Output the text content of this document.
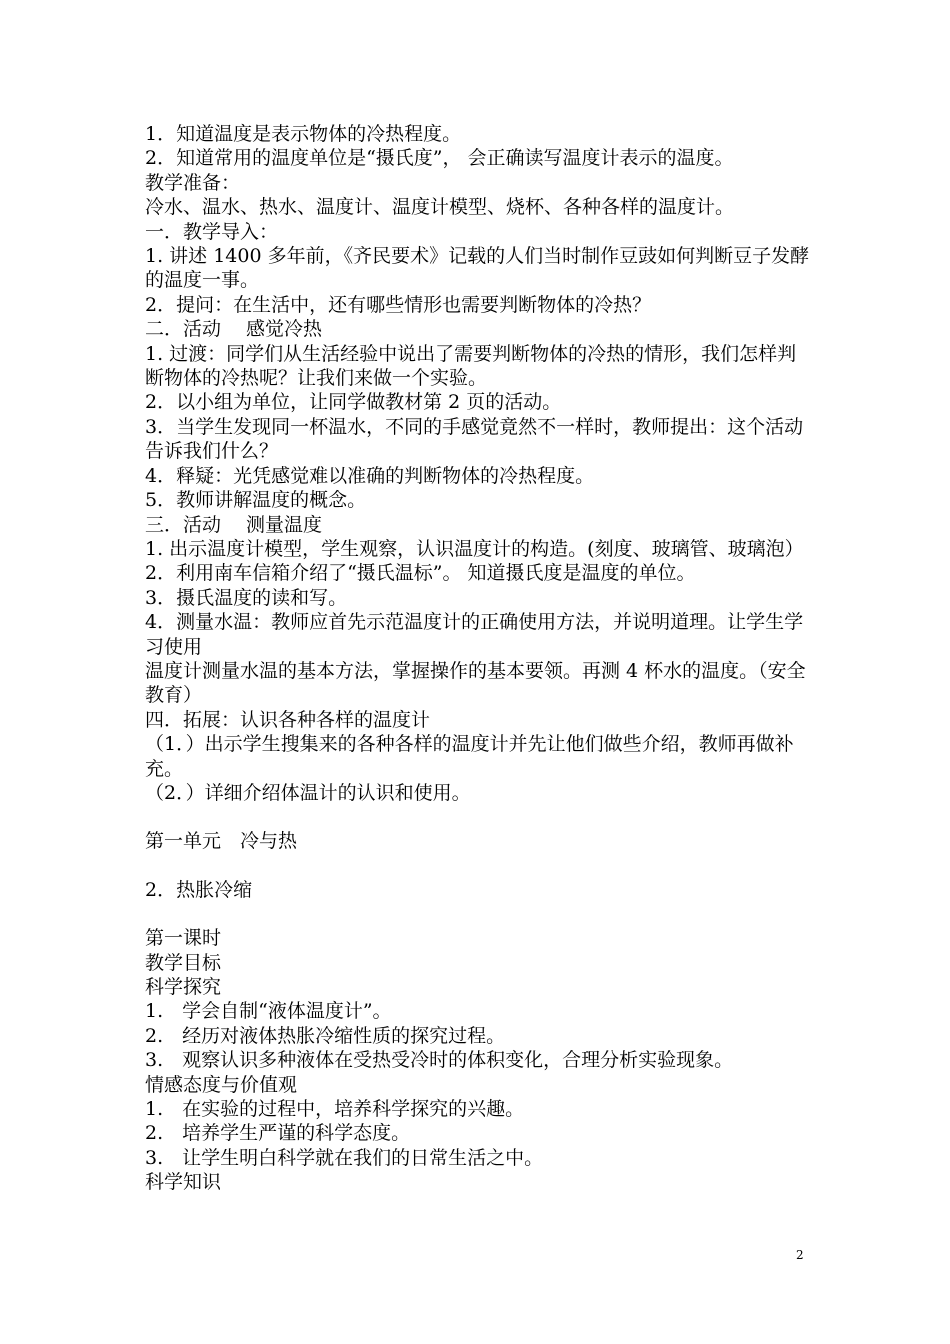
1．知道温度是表示物体的冷热程度。

2．知道常用的温度单位是“摄氏度”， 会正确读写温度计表示的温度。

教学准备：

冷水、温水、热水、温度计、温度计模型、烧杯、各种各样的温度计。

一．教学导入：

1. 讲述 1400 多年前，《齐民要术》记载的人们当时制作豆豉如何判断豆子发酵的温度一事。

2．提问：在生活中，还有哪些情形也需要判断物体的冷热？

二．活动　 感觉冷热

1. 过渡：同学们从生活经验中说出了需要判断物体的冷热的情形，我们怎样判断物体的冷热呢？让我们来做一个实验。

2．以小组为单位，让同学做教材第 2 页的活动。

3．当学生发现同一杯温水，不同的手感觉竟然不一样时，教师提出：这个活动告诉我们什么？

4．释疑：光凭感觉难以准确的判断物体的冷热程度。

5．教师讲解温度的概念。

三．活动　 测量温度

1. 出示温度计模型，学生观察，认识温度计的构造。(刻度、玻璃管、玻璃泡）

2．利用南车信箱介绍了“摄氏温标”。 知道摄氏度是温度的单位。

3．摄氏温度的读和写。

4．测量水温：教师应首先示范温度计的正确使用方法，并说明道理。让学生学习使用

温度计测量水温的基本方法，掌握操作的基本要领。再测 4 杯水的温度。（安全教育）

四．拓展：认识各种各样的温度计

（1．）出示学生搜集来的各种各样的温度计并先让他们做些介绍，教师再做补充。

（2．）详细介绍体温计的认识和使用。

第一单元　冷与热

2．热胀冷缩

第一课时

教学目标

科学探究

1.　学会自制“液体温度计”。

2.　经历对液体热胀冷缩性质的探究过程。

3.　观察认识多种液体在受热受冷时的体积变化，合理分析实验现象。

情感态度与价值观

1.　在实验的过程中，培养科学探究的兴趣。

2.　培养学生严谨的科学态度。

3.　让学生明白科学就在我们的日常生活之中。

科学知识

2
